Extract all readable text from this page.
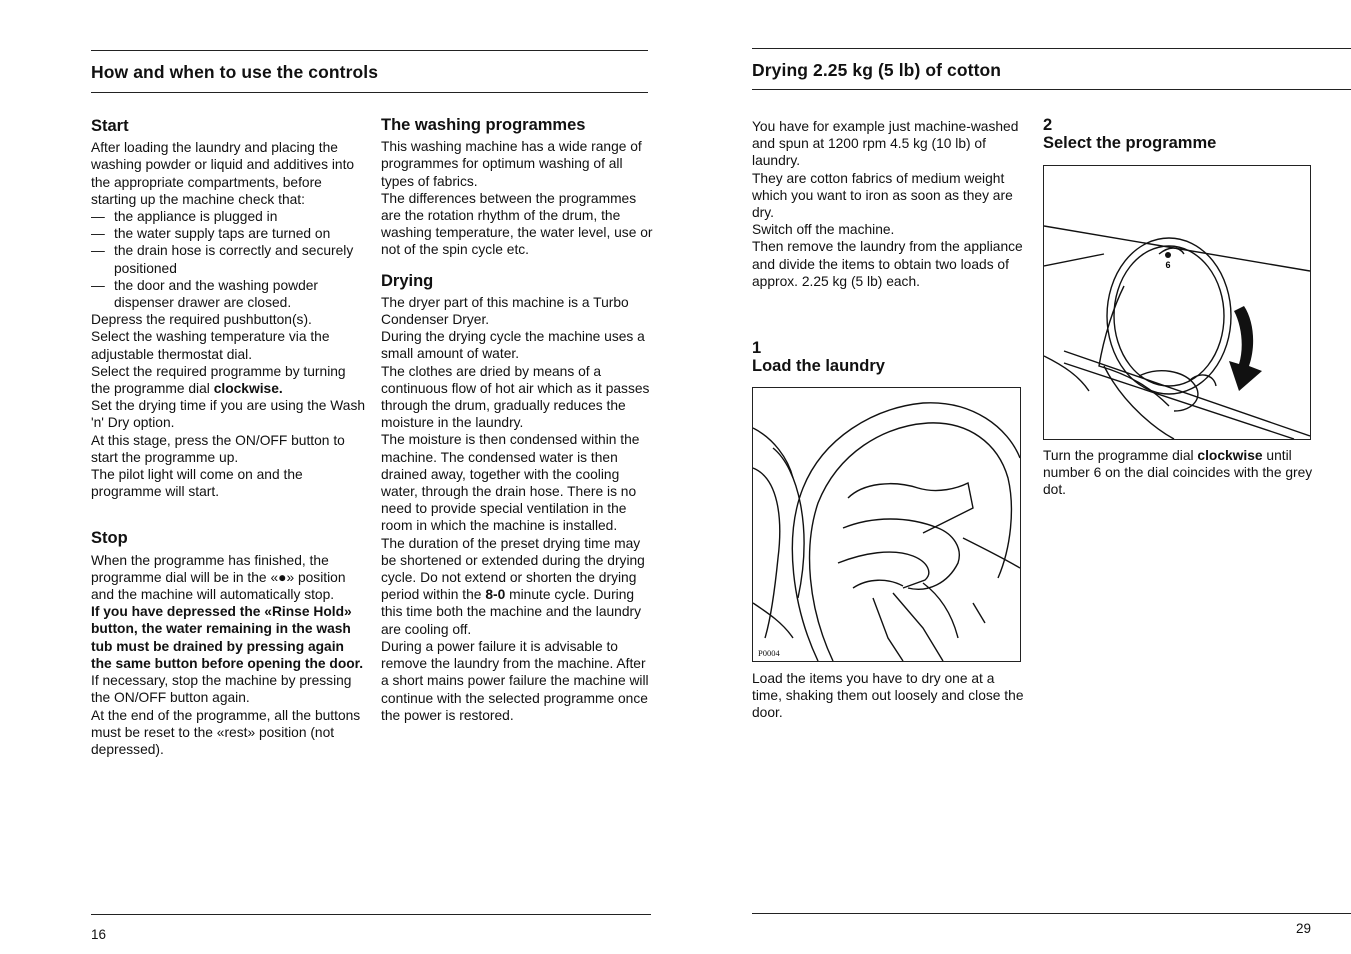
How and when to use the controls
Start

After loading the laundry and placing the washing powder or liquid and additives into the appropriate compartments, before starting up the machine check that:

— the appliance is plugged in
— the water supply taps are turned on
— the drain hose is correctly and securely positioned
— the door and the washing powder dispenser drawer are closed.

Depress the required pushbutton(s).

Select the washing temperature via the adjustable thermostat dial.

Select the required programme by turning the programme dial clockwise.

Set the drying time if you are using the Wash 'n' Dry option.

At this stage, press the ON/OFF button to start the programme up.

The pilot light will come on and the programme will start.

Stop

When the programme has finished, the programme dial will be in the «●» position and the machine will automatically stop.

If you have depressed the «Rinse Hold» button, the water remaining in the wash tub must be drained by pressing again the same button before opening the door.

If necessary, stop the machine by pressing the ON/OFF button again.

At the end of the programme, all the buttons must be reset to the «rest» position (not depressed).

The washing programmes

This washing machine has a wide range of programmes for optimum washing of all types of fabrics.

The differences between the programmes are the rotation rhythm of the drum, the washing temperature, the water level, use or not of the spin cycle etc.

Drying

The dryer part of this machine is a Turbo Condenser Dryer.

During the drying cycle the machine uses a small amount of water.

The clothes are dried by means of a continuous flow of hot air which as it passes through the drum, gradually reduces the moisture in the laundry.

The moisture is then condensed within the machine. The condensed water is then drained away, together with the cooling water, through the drain hose. There is no need to provide special ventilation in the room in which the machine is installed.

The duration of the preset drying time may be shortened or extended during the drying cycle. Do not extend or shorten the drying period within the 8-0 minute cycle. During this time both the machine and the laundry are cooling off.

During a power failure it is advisable to remove the laundry from the machine. After a short mains power failure the machine will continue with the selected programme once the power is restored.

16
Drying 2.25 kg (5 lb) of cotton

You have for example just machine-washed and spun at 1200 rpm 4.5 kg (10 lb) of laundry.

They are cotton fabrics of medium weight which you want to iron as soon as they are dry.

Switch off the machine.

Then remove the laundry from the appliance and divide the items to obtain two loads of approx. 2.25 kg (5 lb) each.

1
Load the laundry
P0004

Load the items you have to dry one at a time, shaking them out loosely and close the door.

2
Select the programme
6

Turn the programme dial clockwise until number 6 on the dial coincides with the grey dot.

29
